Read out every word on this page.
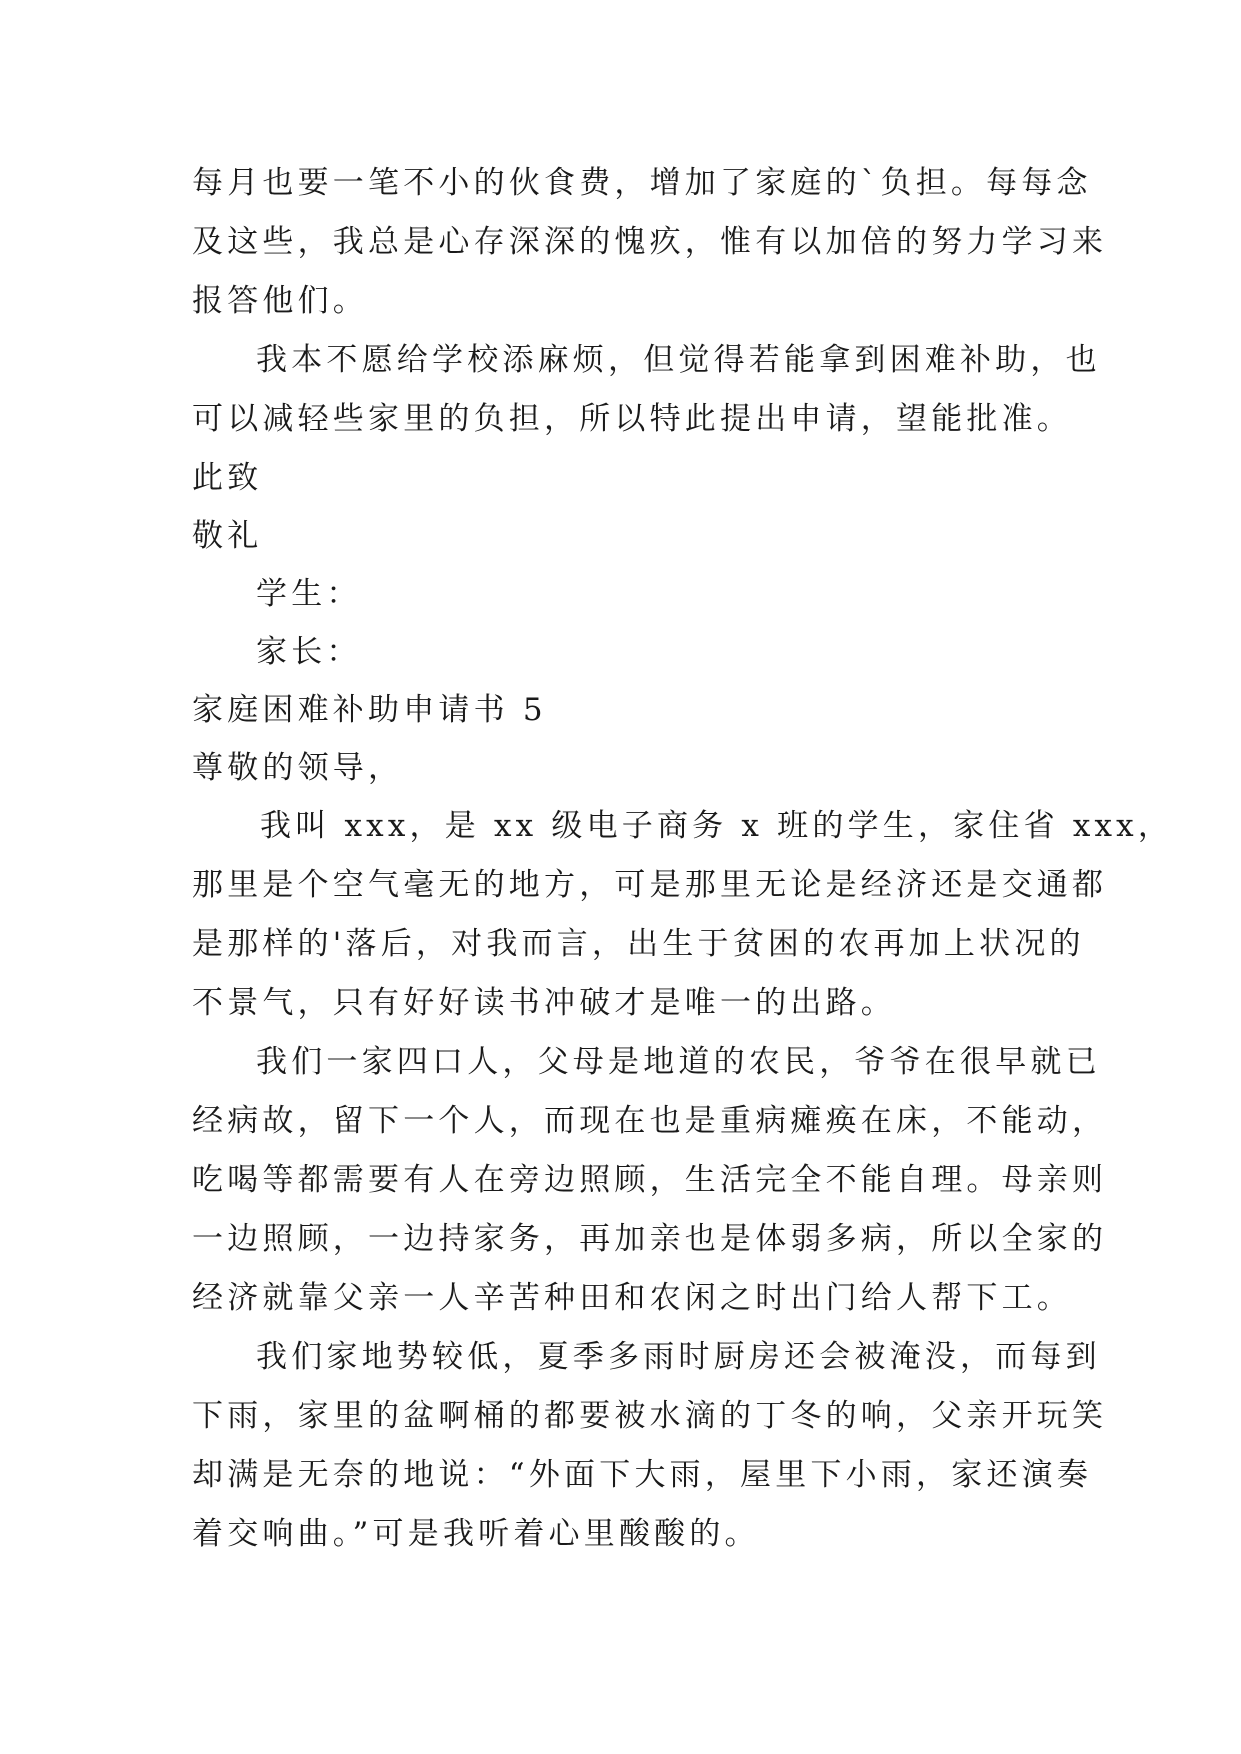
每月也要一笔不小的伙食费，增加了家庭的`负担。每每念
及这些，我总是心存深深的愧疚，惟有以加倍的努力学习来
报答他们。
我本不愿给学校添麻烦，但觉得若能拿到困难补助，也
可以减轻些家里的负担，所以特此提出申请，望能批准。
此致
敬礼
学生：
家长：
家庭困难补助申请书 5
尊敬的领导，
我叫 xxx，是 xx 级电子商务 x 班的学生，家住省 xxx，
那里是个空气毫无的地方，可是那里无论是经济还是交通都
是那样的'落后，对我而言，出生于贫困的农再加上状况的
不景气，只有好好读书冲破才是唯一的出路。
我们一家四口人，父母是地道的农民，爷爷在很早就已
经病故，留下一个人，而现在也是重病瘫痪在床，不能动，
吃喝等都需要有人在旁边照顾，生活完全不能自理。母亲则
一边照顾，一边持家务，再加亲也是体弱多病，所以全家的
经济就靠父亲一人辛苦种田和农闲之时出门给人帮下工。
我们家地势较低，夏季多雨时厨房还会被淹没，而每到
下雨，家里的盆啊桶的都要被水滴的丁冬的响，父亲开玩笑
却满是无奈的地说：“外面下大雨，屋里下小雨，家还演奏
着交响曲。”可是我听着心里酸酸的。
